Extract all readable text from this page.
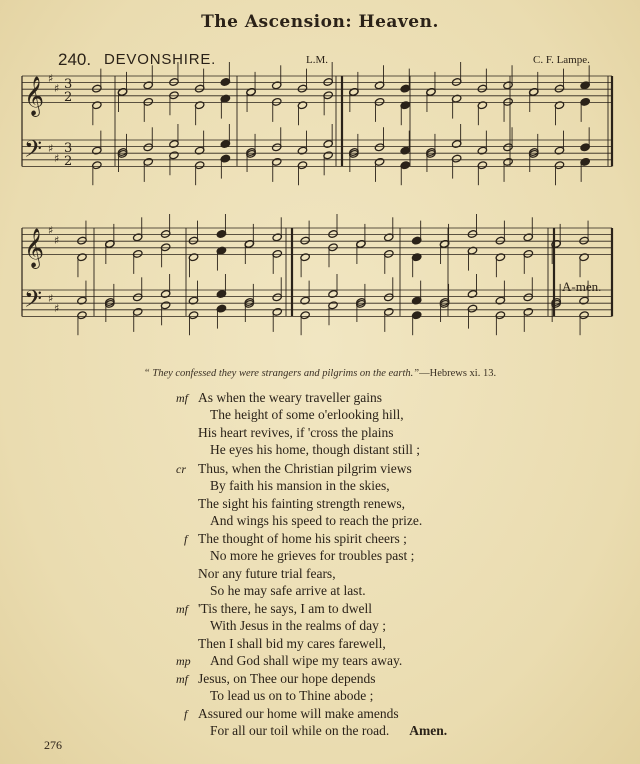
The Ascension: Heaven.
240. DEVONSHIRE.	L.M.	C. F. Lampe.
𝄞 ♯
♯ 3
2
𝄢 ♯
♯
3
2
𝄞 ♯
♯
𝄢 ♯
♯
A-men.
“ They confessed they were strangers and pilgrims on the earth.”—Hebrews xi. 13.
As when the weary traveller gains
mf
The height of some o'erlooking hill,
His heart revives, if 'cross the plains
He eyes his home, though distant still ;
Thus, when the Christian pilgrim views
cr
By faith his mansion in the skies,
The sight his fainting strength renews,
And wings his speed to reach the prize.
The thought of home his spirit cheers ;
f
No more he grieves for troubles past ;
Nor any future trial fears,
So he may safe arrive at last.
'Tis there, he says, I am to dwell
mf
With Jesus in the realms of day ;
Then I shall bid my cares farewell,
And God shall wipe my tears away.
mp
Jesus, on Thee our hope depends
mf
To lead us on to Thine abode ;
Assured our home will make amends
f
For all our toil while on the road. Amen.
276
